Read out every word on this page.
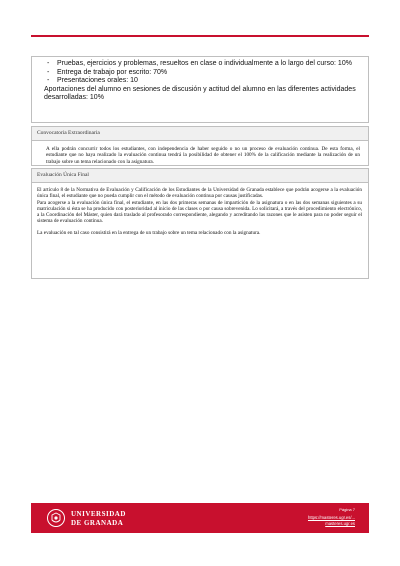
- Pruebas, ejercicios y problemas, resueltos en clase o individualmente a lo largo del curso: 10%
- Entrega de trabajo por escrito: 70%
- Presentaciones orales: 10
Aportaciones del alumno en sesiones de discusión y actitud del alumno en las diferentes actividades desarrolladas: 10%
Convocatoria Extraordinaria
A ella podrán concurrir todos los estudiantes, con independencia de haber seguido o no un proceso de evaluación continua. De esta forma, el estudiante que no haya realizado la evaluación continua tendrá la posibilidad de obtener el 100% de la calificación mediante la realización de un trabajo sobre un tema relacionado con la asignatura.
Evaluación Única Final

El artículo 8 de la Normativa de Evaluación y Calificación de los Estudiantes de la Universidad de Granada establece que podrán acogerse a la evaluación única final, el estudiante que no pueda cumplir con el método de evaluación continua por causas justificadas.

Para acogerse a la evaluación única final, el estudiante, en las dos primeras semanas de impartición de la asignatura o en las dos semanas siguientes a su matriculación si ésta se ha producido con posterioridad al inicio de las clases o por causa sobrevenida. Lo solicitará, a través del procedimiento electrónico, a la Coordinación del Máster, quien dará traslado al profesorado correspondiente, alegando y acreditando las razones que le asisten para no poder seguir el sistema de evaluación continua.

La evaluación en tal caso consistirá en la entrega de un trabajo sobre un tema relacionado con la asignatura.

UNIVERSIDAD
DE GRANADA
Página 7
https://masteres.ugr.es/...
masteres.ugr.es
